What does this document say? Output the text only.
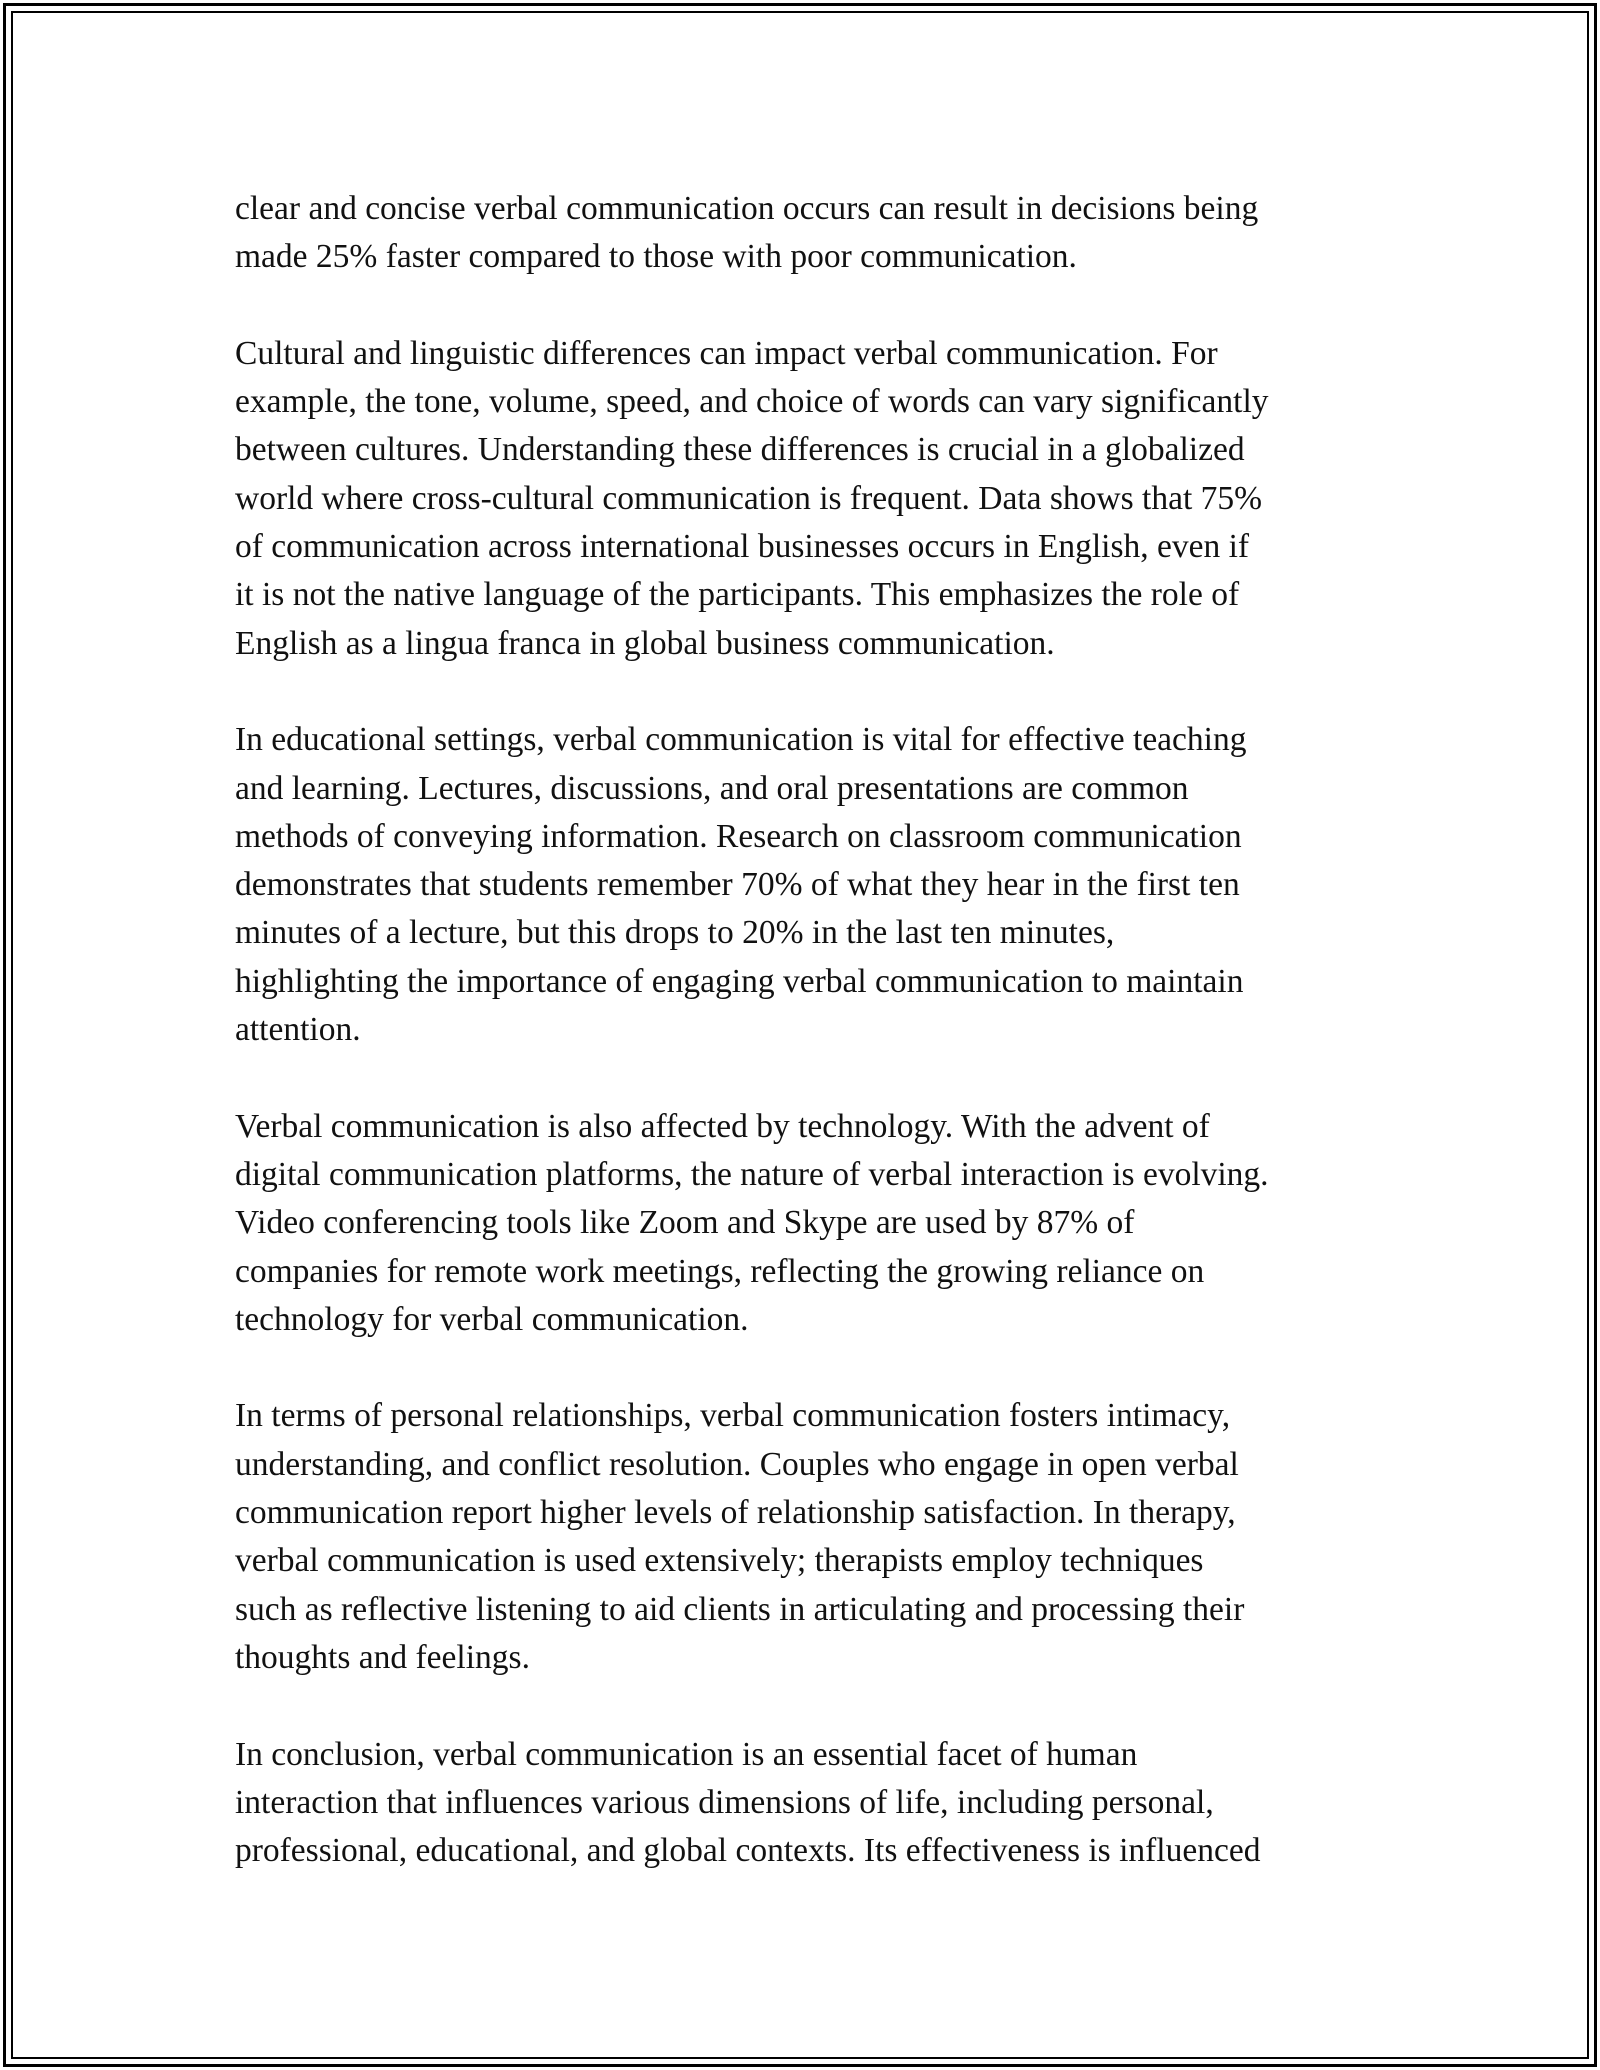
clear and concise verbal communication occurs can result in decisions being
made 25% faster compared to those with poor communication.

Cultural and linguistic differences can impact verbal communication. For
example, the tone, volume, speed, and choice of words can vary significantly
between cultures. Understanding these differences is crucial in a globalized
world where cross-cultural communication is frequent. Data shows that 75%
of communication across international businesses occurs in English, even if
it is not the native language of the participants. This emphasizes the role of
English as a lingua franca in global business communication.

In educational settings, verbal communication is vital for effective teaching
and learning. Lectures, discussions, and oral presentations are common
methods of conveying information. Research on classroom communication
demonstrates that students remember 70% of what they hear in the first ten
minutes of a lecture, but this drops to 20% in the last ten minutes,
highlighting the importance of engaging verbal communication to maintain
attention.

Verbal communication is also affected by technology. With the advent of
digital communication platforms, the nature of verbal interaction is evolving.
Video conferencing tools like Zoom and Skype are used by 87% of
companies for remote work meetings, reflecting the growing reliance on
technology for verbal communication.

In terms of personal relationships, verbal communication fosters intimacy,
understanding, and conflict resolution. Couples who engage in open verbal
communication report higher levels of relationship satisfaction. In therapy,
verbal communication is used extensively; therapists employ techniques
such as reflective listening to aid clients in articulating and processing their
thoughts and feelings.

In conclusion, verbal communication is an essential facet of human
interaction that influences various dimensions of life, including personal,
professional, educational, and global contexts. Its effectiveness is influenced
